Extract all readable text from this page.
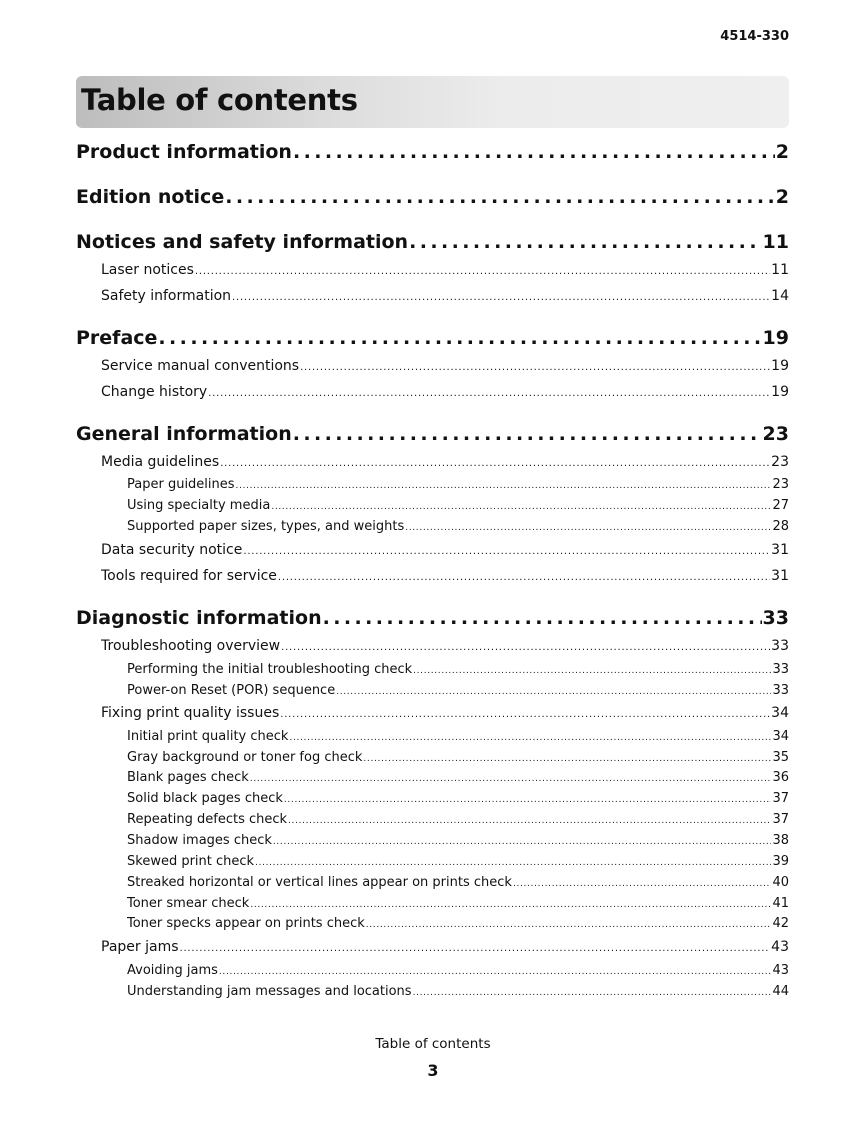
4514-330
Table of contents
Product information . . .	2
Edition notice . . .	2
Notices and safety information . . .	11
Laser notices . . .	11
Safety information . . .	14
Preface . . .	19
Service manual conventions . . .	19
Change history . . .	19
General information . . .	23
Media guidelines . . .	23
Paper guidelines . . .	23
Using specialty media . . .	27
Supported paper sizes, types, and weights . . .	28
Data security notice . . .	31
Tools required for service . . .	31
Diagnostic information . . .	33
Troubleshooting overview . . .	33
Performing the initial troubleshooting check . . .	33
Power-on Reset (POR) sequence . . .	33
Fixing print quality issues . . .	34
Initial print quality check . . .	34
Gray background or toner fog check . . .	35
Blank pages check . . .	36
Solid black pages check . . .	37
Repeating defects check . . .	37
Shadow images check . . .	38
Skewed print check . . .	39
Streaked horizontal or vertical lines appear on prints check . . .	40
Toner smear check . . .	41
Toner specks appear on prints check . . .	42
Paper jams . . .	43
Avoiding jams . . .	43
Understanding jam messages and locations . . .	44
Table of contents
3
